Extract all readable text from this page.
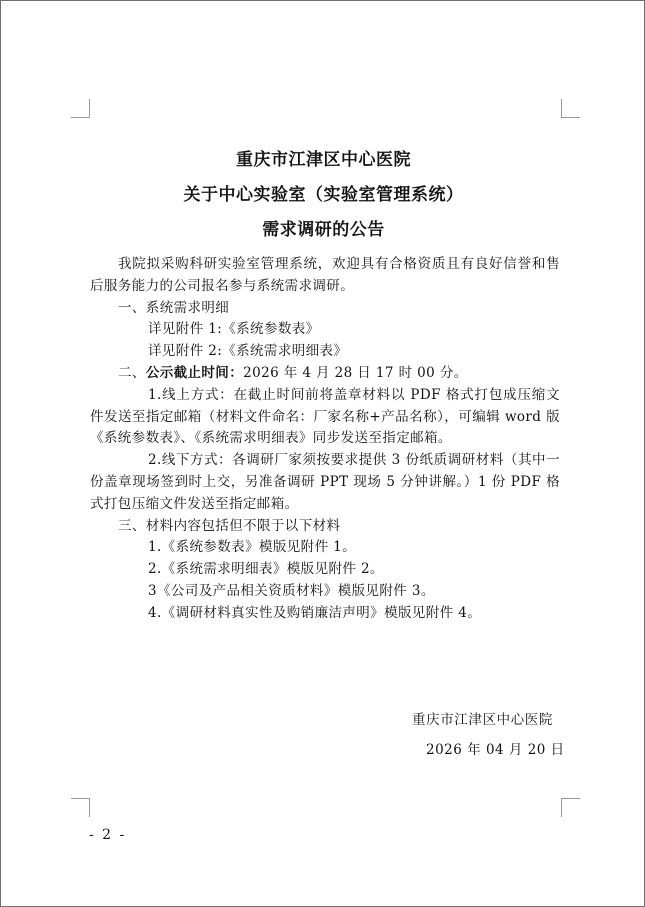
重庆市江津区中心医院
关于中心实验室（实验室管理系统）
需求调研的公告

我院拟采购科研实验室管理系统，欢迎具有合格资质且有良好信誉和售后服务能力的公司报名参与系统需求调研。

一、系统需求明细

详见附件 1:《系统参数表》

详见附件 2:《系统需求明细表》

二、公示截止时间：2026 年 4 月 28 日 17 时 00 分。

1.线上方式：在截止时间前将盖章材料以 PDF 格式打包成压缩文件发送至指定邮箱（材料文件命名：厂家名称+产品名称），可编辑 word 版《系统参数表》、《系统需求明细表》同步发送至指定邮箱。

2.线下方式：各调研厂家须按要求提供 3 份纸质调研材料（其中一份盖章现场签到时上交，另准备调研 PPT 现场 5 分钟讲解。）1 份 PDF 格式打包压缩文件发送至指定邮箱。

三、材料内容包括但不限于以下材料

1.《系统参数表》模版见附件 1。

2.《系统需求明细表》模版见附件 2。

3《公司及产品相关资质材料》模版见附件 3。

4.《调研材料真实性及购销廉洁声明》模版见附件 4。

重庆市江津区中心医院
2026 年 04 月 20 日
- 2 -
